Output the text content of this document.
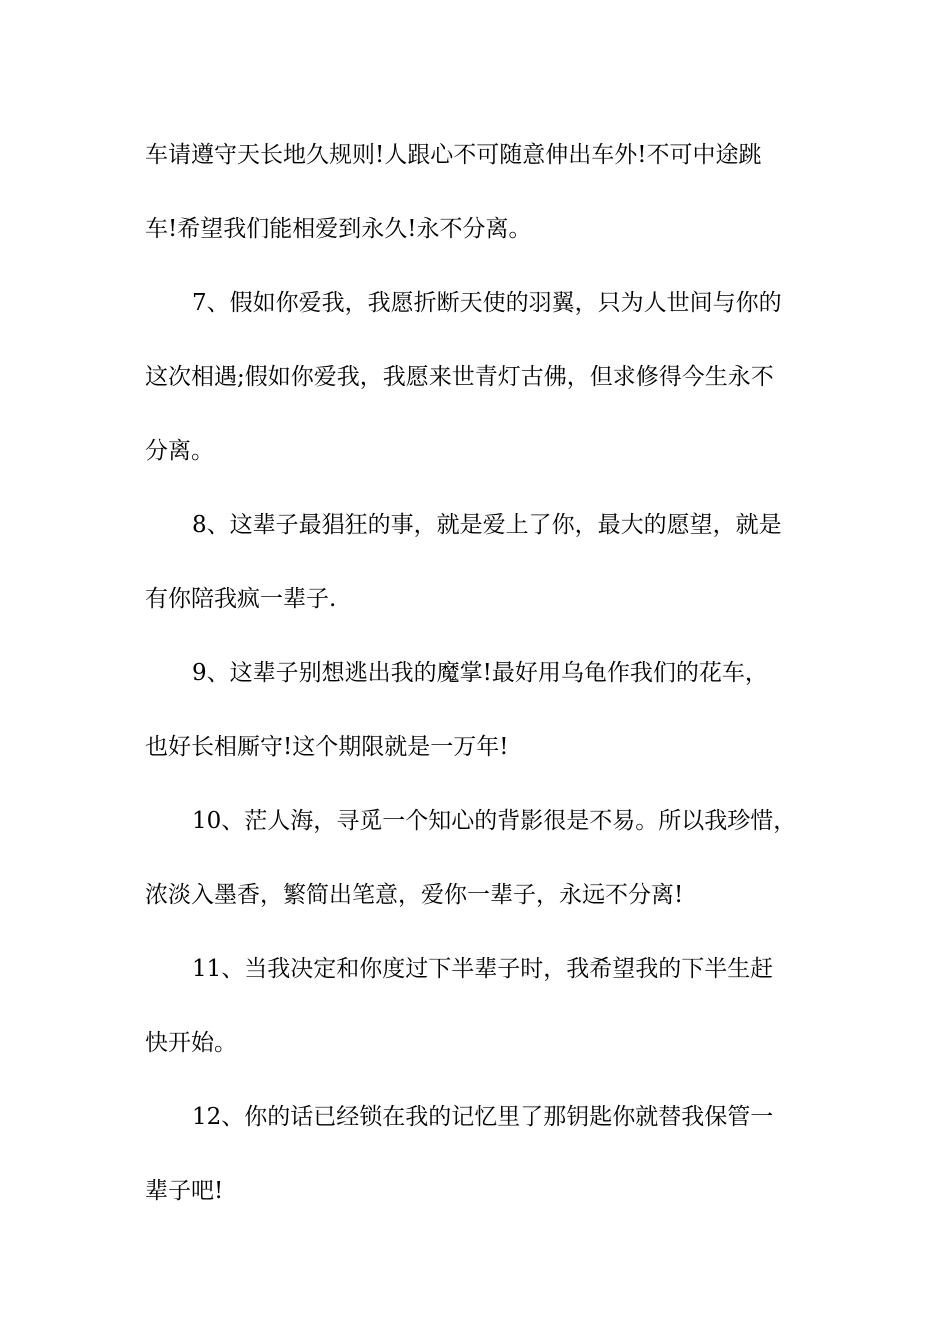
车请遵守天长地久规则!人跟心不可随意伸出车外!不可中途跳
车!希望我们能相爱到永久!永不分离。
7、假如你爱我，我愿折断天使的羽翼，只为人世间与你的
这次相遇;假如你爱我，我愿来世青灯古佛，但求修得今生永不
分离。
8、这辈子最猖狂的事，就是爱上了你，最大的愿望，就是
有你陪我疯一辈子.
9、这辈子别想逃出我的魔掌!最好用乌龟作我们的花车，
也好长相厮守!这个期限就是一万年!
10、茫人海，寻觅一个知心的背影很是不易。所以我珍惜，
浓淡入墨香，繁简出笔意，爱你一辈子，永远不分离!
11、当我决定和你度过下半辈子时，我希望我的下半生赶
快开始。
12、你的话已经锁在我的记忆里了那钥匙你就替我保管一
辈子吧!
